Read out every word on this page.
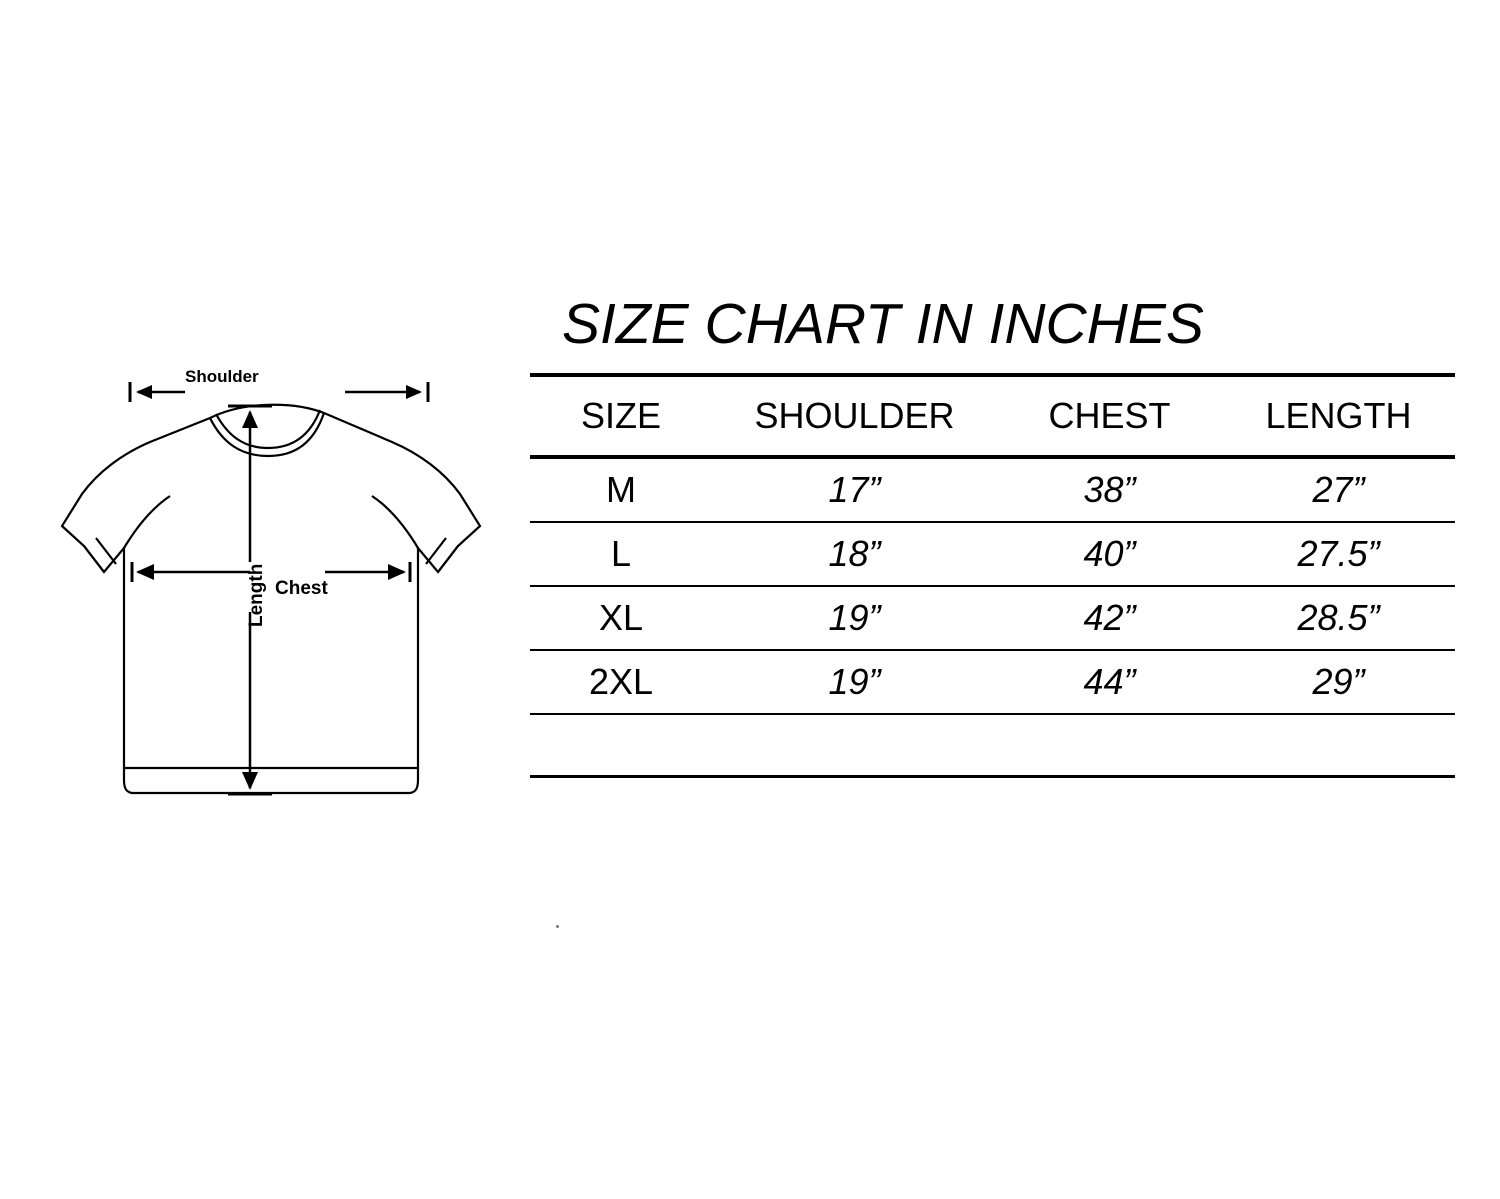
Shoulder
Chest
Length
SIZE CHART IN INCHES

SIZE	SHOULDER	CHEST	LENGTH
M	17”	38”	27”
L	18”	40”	27.5”
XL	19”	42”	28.5”
2XL	19”	44”	29”
